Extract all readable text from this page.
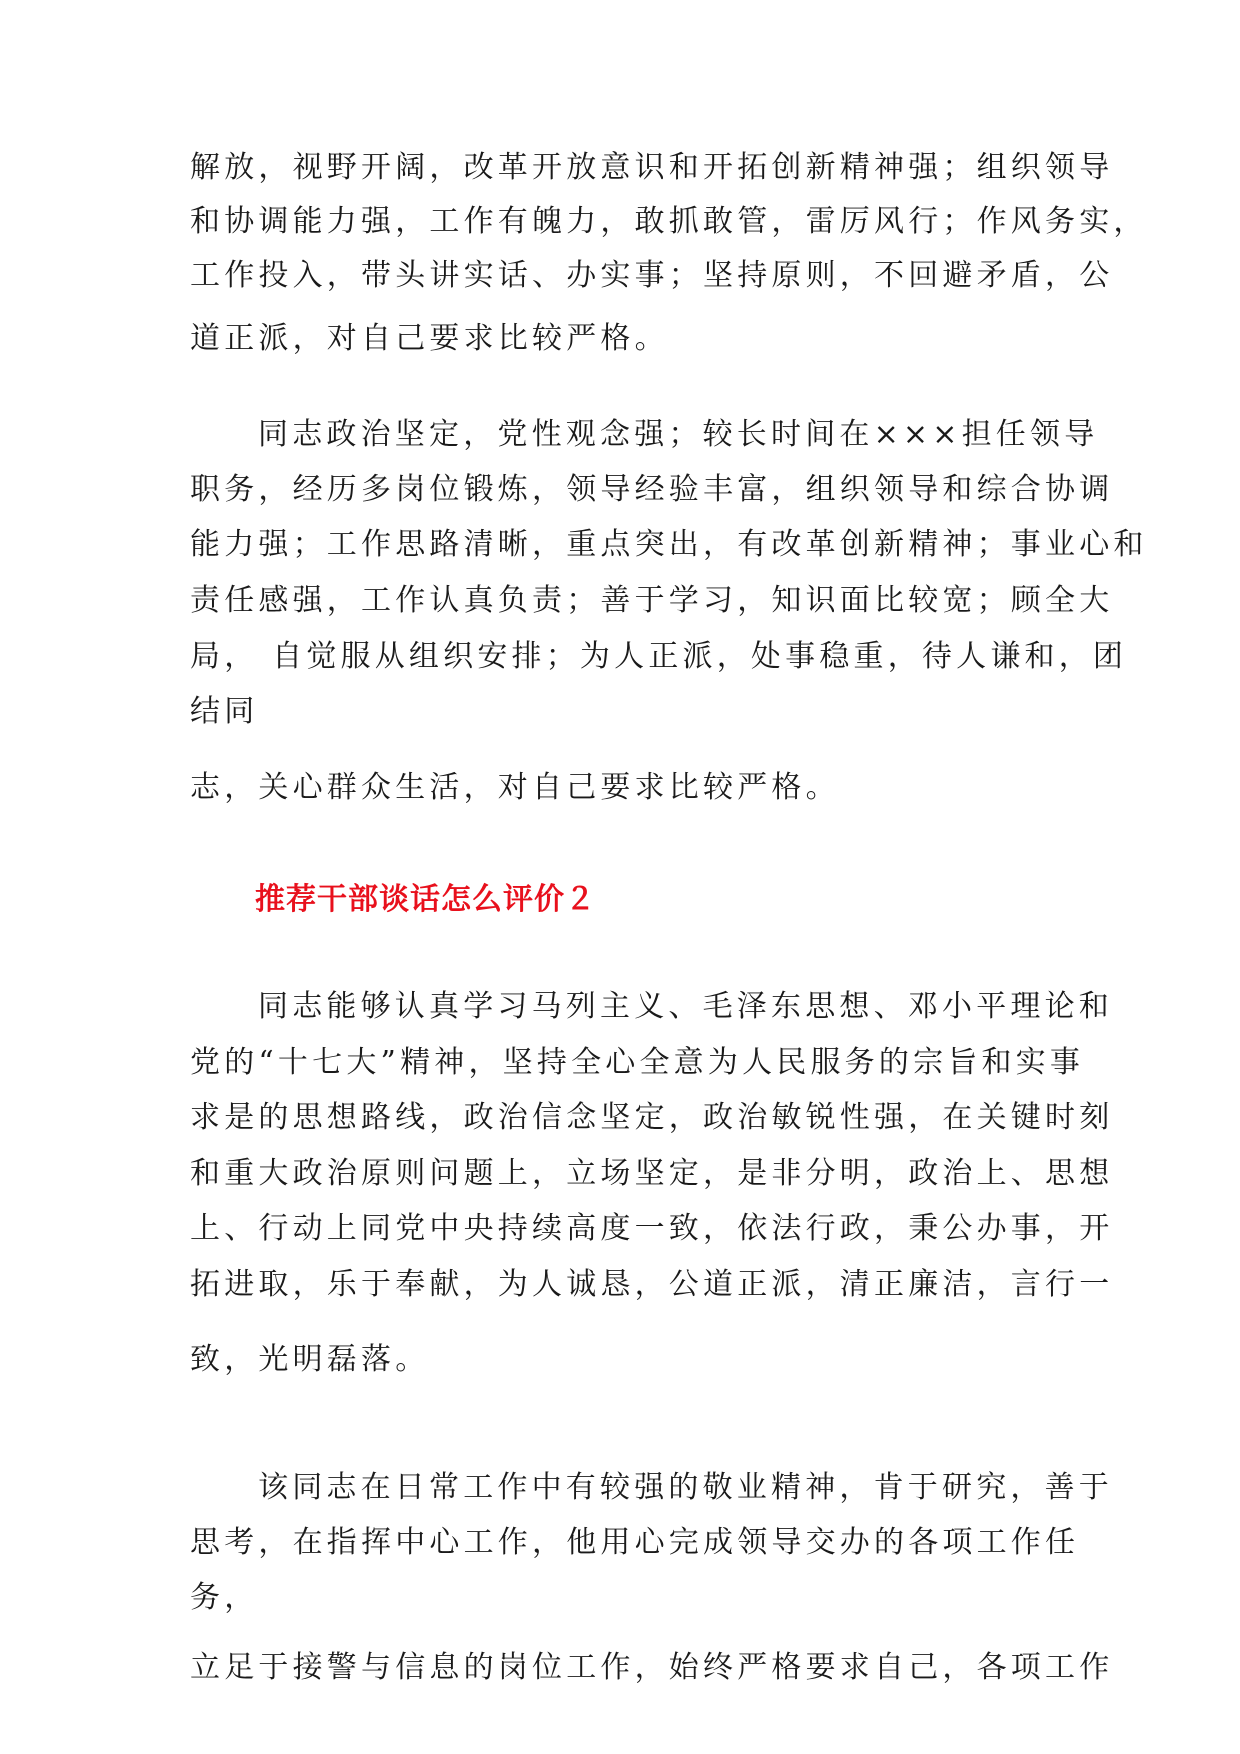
解放，视野开阔，改革开放意识和开拓创新精神强；组织领导
和协调能力强，工作有魄力，敢抓敢管，雷厉风行；作风务实，
工作投入，带头讲实话、办实事；坚持原则，不回避矛盾，公
道正派，对自己要求比较严格。
同志政治坚定，党性观念强；较长时间在×××担任领导
职务，经历多岗位锻炼，领导经验丰富，组织领导和综合协调
能力强；工作思路清晰，重点突出，有改革创新精神；事业心和
责任感强，工作认真负责；善于学习，知识面比较宽；顾全大
局， 自觉服从组织安排；为人正派，处事稳重，待人谦和，团
结同
志，关心群众生活，对自己要求比较严格。
推荐干部谈话怎么评价２
同志能够认真学习马列主义、毛泽东思想、邓小平理论和
党的“十七大”精神，坚持全心全意为人民服务的宗旨和实事
求是的思想路线，政治信念坚定，政治敏锐性强，在关键时刻
和重大政治原则问题上，立场坚定，是非分明，政治上、思想
上、行动上同党中央持续高度一致，依法行政，秉公办事，开
拓进取，乐于奉献，为人诚恳，公道正派，清正廉洁，言行一
致，光明磊落。
该同志在日常工作中有较强的敬业精神，肯于研究，善于
思考，在指挥中心工作，他用心完成领导交办的各项工作任
务，
立足于接警与信息的岗位工作，始终严格要求自己，各项工作
